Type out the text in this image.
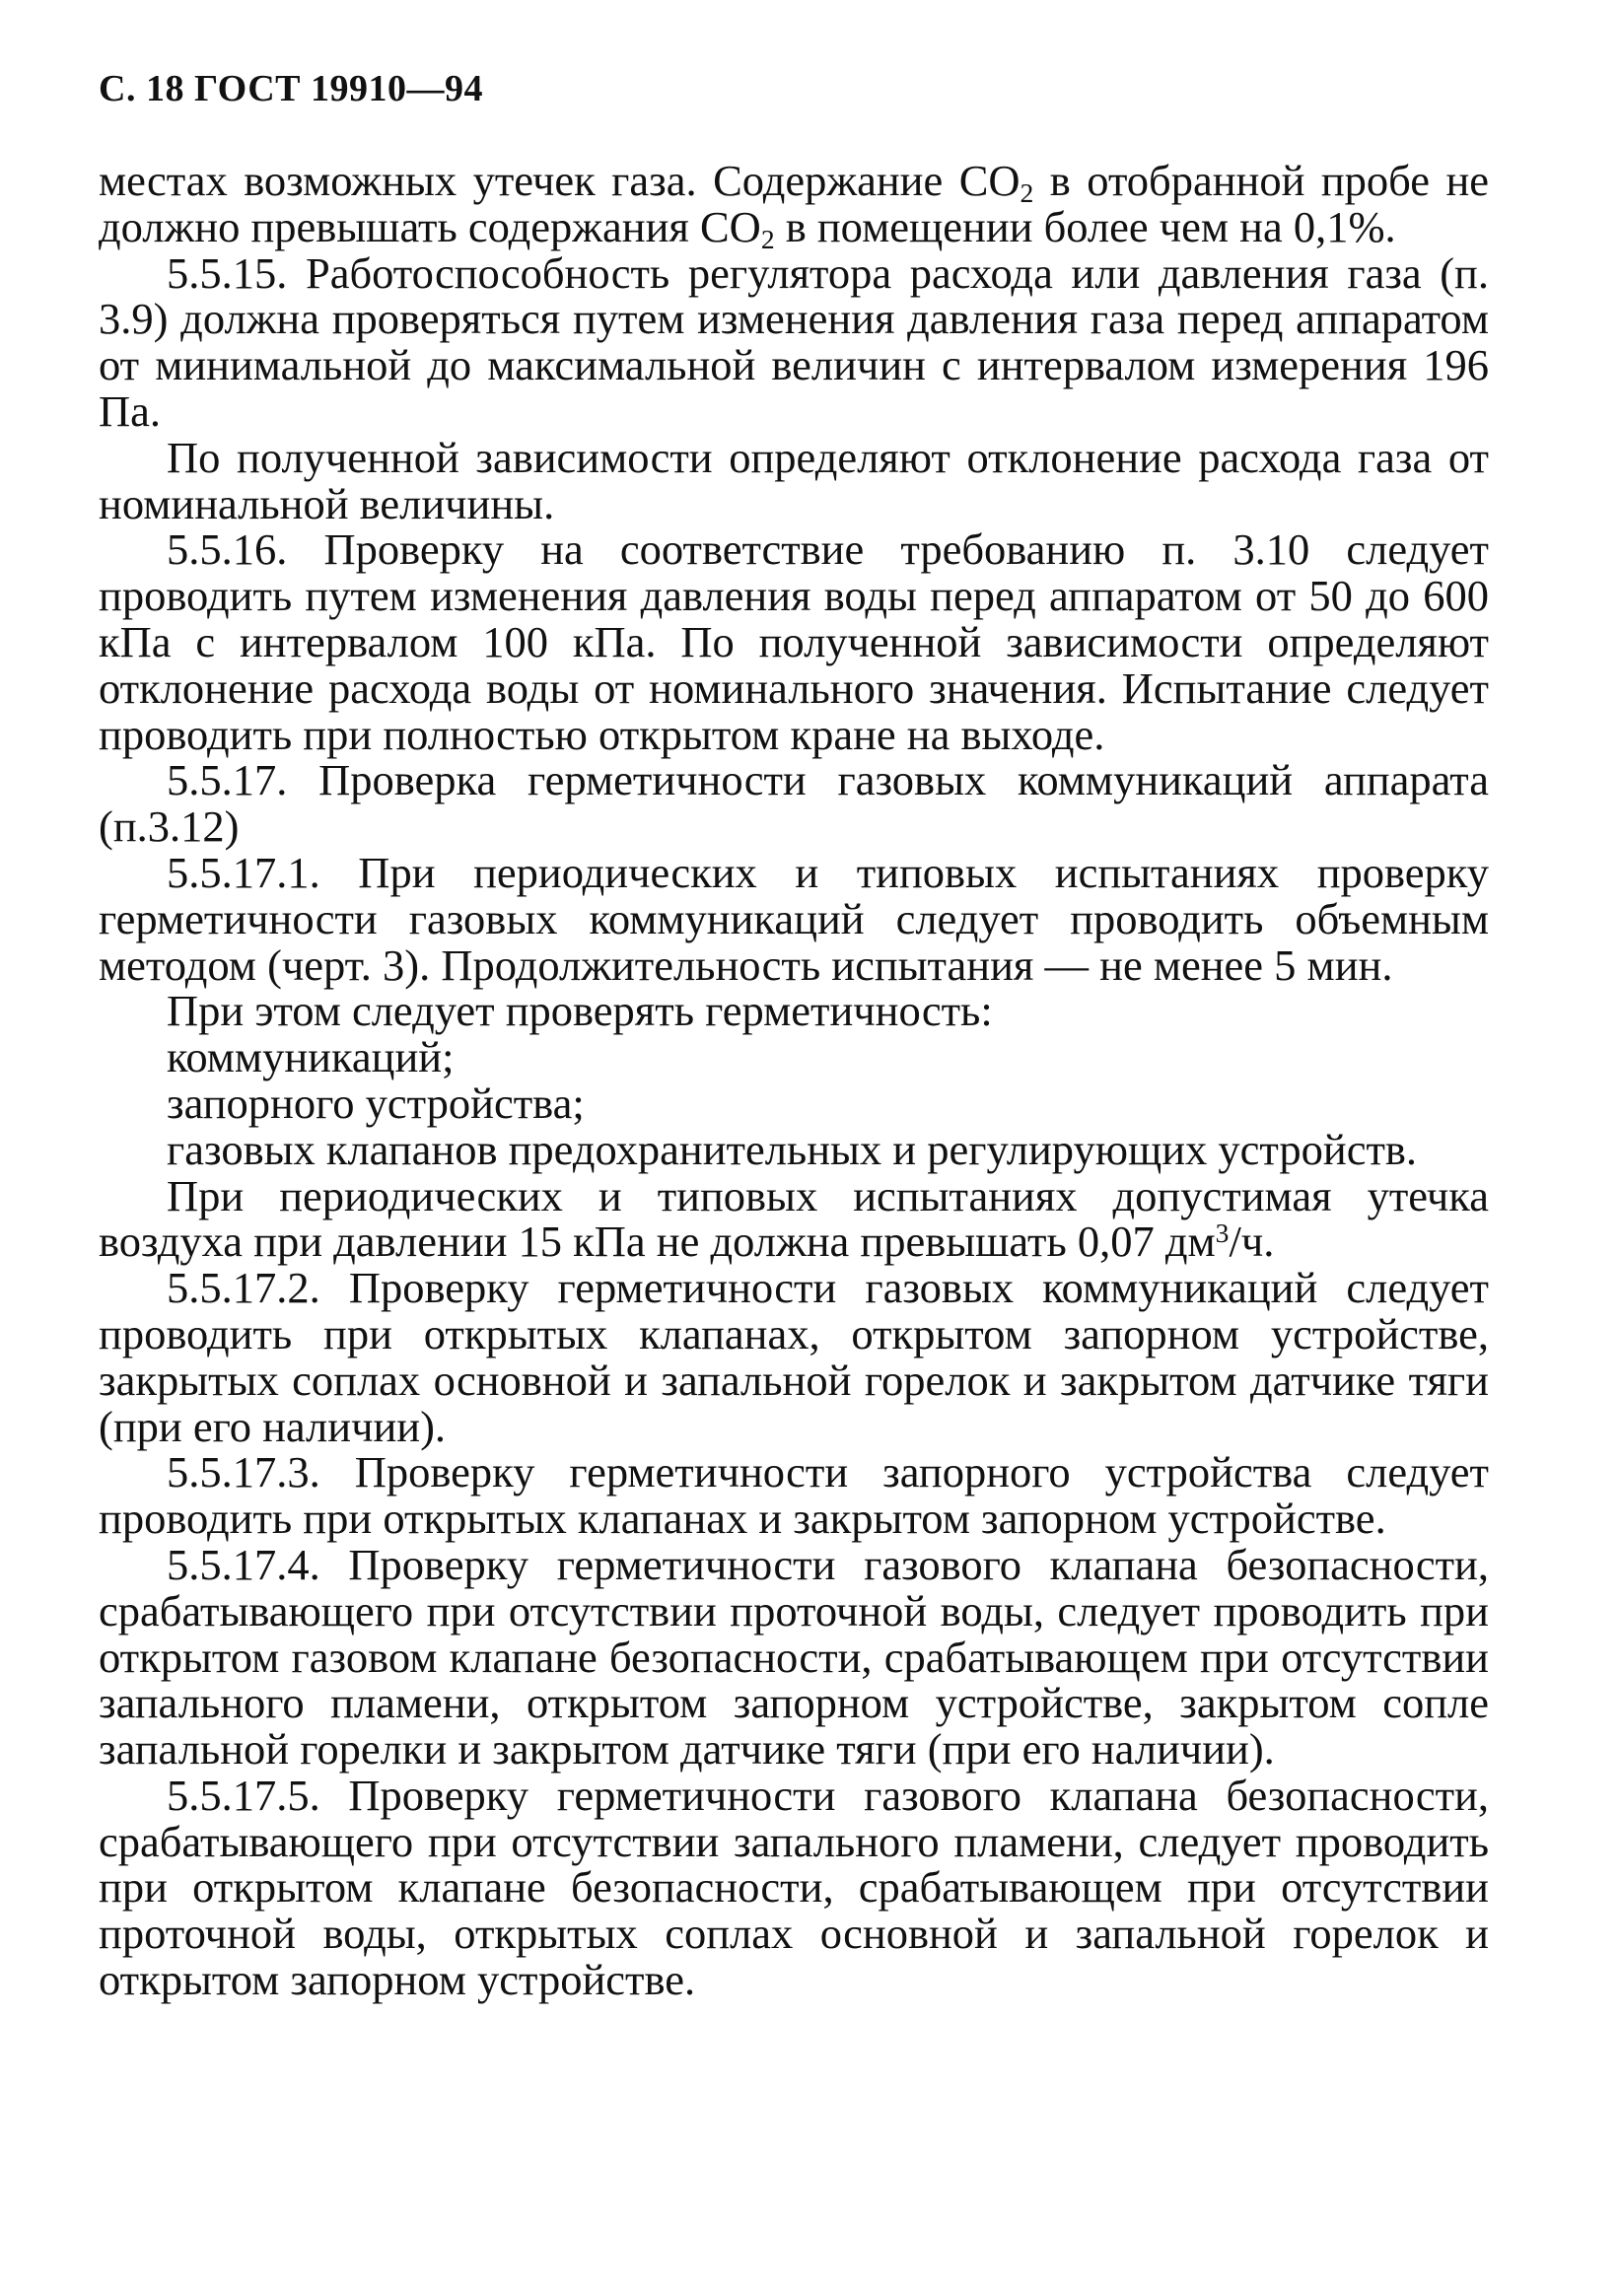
С. 18 ГОСТ 19910—94

местах возможных утечек газа. Содержание $CO_2$ в отобранной пробе не должно превышать содержания $CO_2$ в помещении более чем на 0,1%.

5.5.15. Работоспособность регулятора расхода или давления газа (п. 3.9) должна проверяться путем изменения давления газа перед аппаратом от минимальной до максимальной величин с интервалом измерения 196 Па.

По полученной зависимости определяют отклонение расхода газа от номинальной величины.

5.5.16. Проверку на соответствие требованию п. 3.10 следует проводить путем изменения давления воды перед аппаратом от 50 до 600 кПа с интервалом 100 кПа. По полученной зависимости определяют отклонение расхода воды от номинального значения. Испытание следует проводить при полностью открытом кране на выходе.

5.5.17. Проверка герметичности газовых коммуникаций аппарата (п.3.12)

5.5.17.1. При периодических и типовых испытаниях проверку герметичности газовых коммуникаций следует проводить объемным методом (черт. 3). Продолжительность испытания — не менее 5 мин.

При этом следует проверять герметичность:

коммуникаций;

запорного устройства;

газовых клапанов предохранительных и регулирующих устройств.

При периодических и типовых испытаниях допустимая утечка воздуха при давлении 15 кПа не должна превышать 0,07 $дм^3/ч$.

5.5.17.2. Проверку герметичности газовых коммуникаций следует проводить при открытых клапанах, открытом запорном устройстве, закрытых соплах основной и запальной горелок и закрытом датчике тяги (при его наличии).

5.5.17.3. Проверку герметичности запорного устройства следует проводить при открытых клапанах и закрытом запорном устройстве.

5.5.17.4. Проверку герметичности газового клапана безопасности, срабатывающего при отсутствии проточной воды, следует проводить при открытом газовом клапане безопасности, срабатывающем при отсутствии запального пламени, открытом запорном устройстве, закрытом сопле запальной горелки и закрытом датчике тяги (при его наличии).

5.5.17.5. Проверку герметичности газового клапана безопасности, срабатывающего при отсутствии запального пламени, следует проводить при открытом клапане безопасности, срабатывающем при отсутствии проточной воды, открытых соплах основной и запальной горелок и открытом запорном устройстве.
